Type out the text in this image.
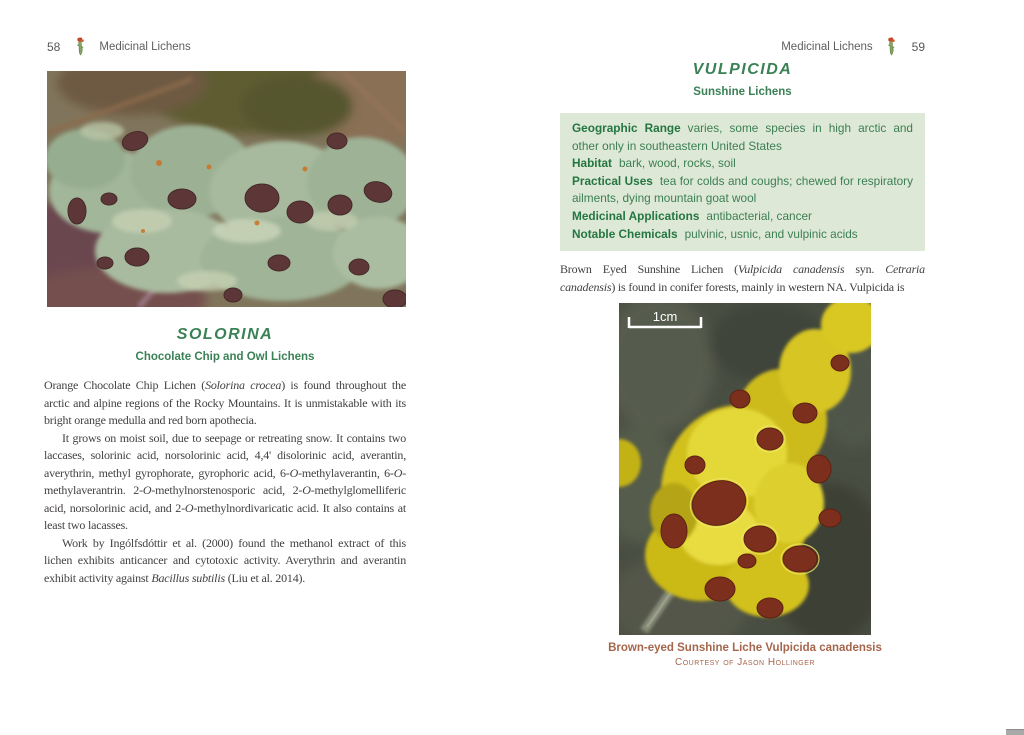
58	Medicinal Lichens	Medicinal Lichens	59
SOLORINA
Chocolate Chip and Owl Lichens

Orange Chocolate Chip Lichen (Solorina crocea) is found throughout the arctic and alpine regions of the Rocky Mountains. It is unmistakable with its bright orange medulla and red born apothecia.

It grows on moist soil, due to seepage or retreating snow. It contains two laccases, solorinic acid, norsolorinic acid, 4,4' disolorinic acid, averantin, averythrin, methyl gyrophorate, gyrophoric acid, 6-O-methylaverantin, 6-O-methylaverantrin. 2-O-methylnorstenosporic acid, 2-O-methylglomelliferic acid, norsolorinic acid, and 2-O-methylnordivaricatic acid. It also contains at least two lacasses.

Work by Ingólfsdóttir et al. (2000) found the methanol extract of this lichen exhibits anticancer and cytotoxic activity. Averythrin and averantin exhibit activity against Bacillus subtilis (Liu et al. 2014).

VULPICIDA
Sunshine Lichens

Geographic Range varies, some species in high arctic and other only in southeastern United States

Habitat bark, wood, rocks, soil

Practical Uses tea for colds and coughs; chewed for respiratory ailments, dying mountain goat wool

Medicinal Applications antibacterial, cancer

Notable Chemicals pulvinic, usnic, and vulpinic acids

Brown Eyed Sunshine Lichen (Vulpicida canadensis syn. Cetraria canadensis) is found in conifer forests, mainly in western NA. Vulpicida is

1cm
Brown-eyed Sunshine Liche Vulpicida canadensis
Courtesy of Jason Hollinger
